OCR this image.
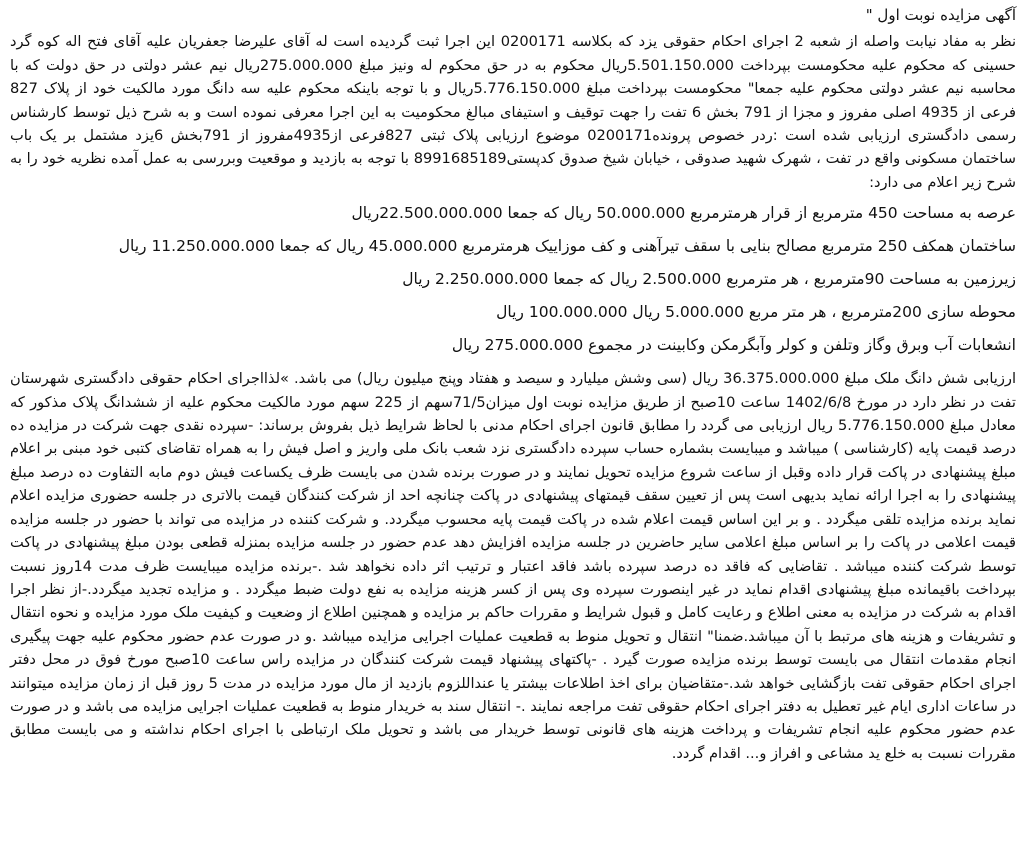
آگهی مزایده نوبت اول "

نظر به مفاد نیابت واصله از شعبه 2 اجرای احکام حقوقی یزد که بکلاسه 0200171 این اجرا ثبت گردیده است له آقای علیرضا جعفریان علیه آقای فتح اله کوه گرد حسینی که محکوم علیه محکومست بپرداخت 5.501.150.000ریال محکوم به در حق محکوم له ونیز مبلغ 275.000.000ریال نیم عشر دولتی در حق دولت که با محاسبه نیم عشر دولتی محکوم علیه جمعا" محکومست بپرداخت مبلغ 5.776.150.000ریال و با توجه باینکه محکوم علیه سه دانگ مورد مالکیت خود از پلاک 827 فرعی از 4935 اصلی مفروز و مجزا از 791 بخش 6 تفت را جهت توقیف و استیفای مبالغ محکومیت به این اجرا معرفی نموده است و به شرح ذیل توسط کارشناس رسمی دادگستری ارزیابی شده است :ردر خصوص پرونده0200171 موضوع ارزیابی پلاک ثبتی 827فرعی از4935مفروز از 791بخش 6یزد مشتمل بر یک باب ساختمان مسکونی واقع در تفت ، شهرک شهید صدوقی ، خیابان شیخ صدوق کدپستی8991685189 با توجه به بازدید و موقعیت وبررسی به عمل آمده نظریه خود را به شرح زیر اعلام می دارد:

عرصه به مساحت 450 مترمربع از قرار هرمترمربع 50.000.000 ریال که جمعا 22.500.000.000ریال

ساختمان همکف 250 مترمربع مصالح بنایی با سقف تیرآهنی و کف موزاییک هرمترمربع 45.000.000 ریال که جمعا 11.250.000.000 ریال

زیرزمین به مساحت 90مترمربع ، هر مترمربع 2.500.000 ریال که جمعا 2.250.000.000 ریال

محوطه سازی 200مترمربع ، هر متر مربع 5.000.000 ریال 100.000.000 ریال

انشعابات آب وبرق وگاز وتلفن و کولر وآبگرمکن وکابینت در مجموع 275.000.000 ریال

ارزیابی شش دانگ ملک مبلغ 36.375.000.000 ریال (سی وشش میلیارد و سیصد و هفتاد وپنج میلیون ریال) می باشد. »لذااجرای احکام حقوقی دادگستری شهرستان تفت در نظر دارد در مورخ 1402/6/8 ساعت 10صبح از طریق مزایده نوبت اول میزان71/5سهم از 225 سهم مورد مالکیت محکوم علیه از ششدانگ پلاک مذکور که معادل مبلغ 5.776.150.000 ریال ارزیابی می گردد را مطابق قانون اجرای احکام مدنی با لحاظ شرایط ذیل بفروش برساند: -سپرده نقدی جهت شرکت در مزایده ده درصد قیمت پایه (کارشناسی ) میباشد و میبایست بشماره حساب سپرده دادگستری نزد شعب بانک ملی واریز و اصل فیش را به همراه تقاضای کتبی خود مبنی بر اعلام مبلغ پیشنهادی در پاکت قرار داده وقبل از ساعت شروع مزایده تحویل نمایند و در صورت برنده شدن می بایست ظرف یکساعت فیش دوم مابه التفاوت ده درصد مبلغ پیشنهادی را به اجرا ارائه نماید بدیهی است پس از تعیین سقف قیمتهای پیشنهادی در پاکت چنانچه احد از شرکت کنندگان قیمت بالاتری در جلسه حضوری مزایده اعلام نماید برنده مزایده تلقی میگردد . و بر این اساس قیمت اعلام شده در پاکت قیمت پایه محسوب میگردد. و شرکت کننده در مزایده می تواند با حضور در جلسه مزایده قیمت اعلامی در پاکت را بر اساس مبلغ اعلامی سایر حاضرین در جلسه مزایده افزایش دهد عدم حضور در جلسه مزایده بمنزله قطعی بودن مبلغ پیشنهادی در پاکت توسط شرکت کننده میباشد . تقاضایی که فاقد ده درصد سپرده باشد فاقد اعتبار و ترتیب اثر داده نخواهد شد .-برنده مزایده میبایست ظرف مدت 14روز نسبت بپرداخت باقیمانده مبلغ پیشنهادی اقدام نماید در غیر اینصورت سپرده وی پس از کسر هزینه مزایده به نفع دولت ضبط میگردد . و مزایده تجدید میگردد.-از نظر اجرا اقدام به شرکت در مزایده به معنی اطلاع و رعایت کامل و قبول شرایط و مقررات حاکم بر مزایده و همچنین اطلاع از وضعیت و کیفیت ملک مورد مزایده و نحوه انتقال و تشریفات و هزینه های مرتبط با آن میباشد.ضمنا" انتقال و تحویل منوط به قطعیت عملیات اجرایی مزایده میباشد .و در صورت عدم حضور محکوم علیه جهت پیگیری انجام مقدمات انتقال می بایست توسط برنده مزایده صورت گیرد . -پاکتهای پیشنهاد قیمت شرکت کنندگان در مزایده راس ساعت 10صبح مورخ فوق در محل دفتر اجرای احکام حقوقی تفت بازگشایی خواهد شد.-متقاضیان برای اخذ اطلاعات بیشتر یا عنداللزوم بازدید از مال مورد مزایده در مدت 5 روز قبل از زمان مزایده میتوانند در ساعات اداری ایام غیر تعطیل به دفتر اجرای احکام حقوقی تفت مراجعه نمایند .- انتقال سند به خریدار منوط به قطعیت عملیات اجرایی مزایده می باشد و در صورت عدم حضور محکوم علیه انجام تشریفات و پرداخت هزینه های قانونی توسط خریدار می باشد و تحویل ملک ارتباطی با اجرای احکام نداشته و می بایست مطابق مقررات نسبت به خلع ید مشاعی و افراز و... اقدام گردد.
